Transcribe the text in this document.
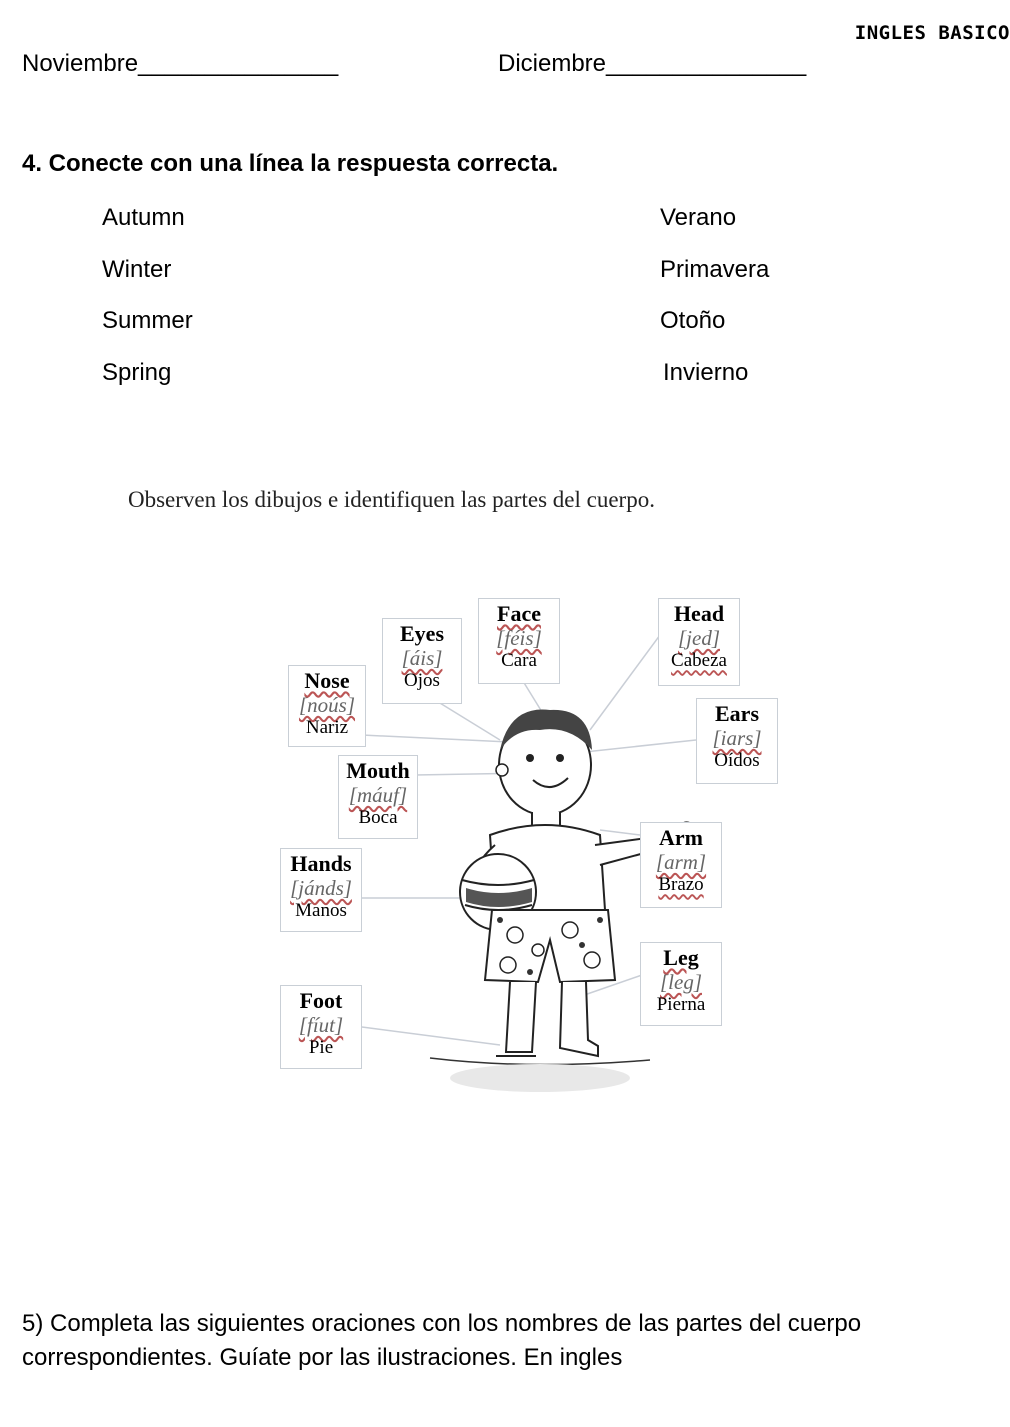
INGLES BASICO
Noviembre_______________	Diciembre_______________
4. Conecte con una línea la respuesta correcta.
Autumn
Winter
Summer
Spring
Verano
Primavera
Otoño
Invierno
Observen los dibujos e identifiquen las partes del cuerpo.
Face
[féis]
Cara
Eyes
[áis]
Ojos
Head
[jed]
Cabeza
Nose
[noús]
Nariz
Ears
[iars]
Oídos
Mouth
[máuf]
Boca
Arm
[arm]
Brazo
Hands
[jánds]
Manos
Leg
[leg]
Pierna
Foot
[fíut]
Pie
5) Completa las siguientes oraciones con los nombres de las partes del cuerpo correspondientes. Guíate por las ilustraciones. En ingles
